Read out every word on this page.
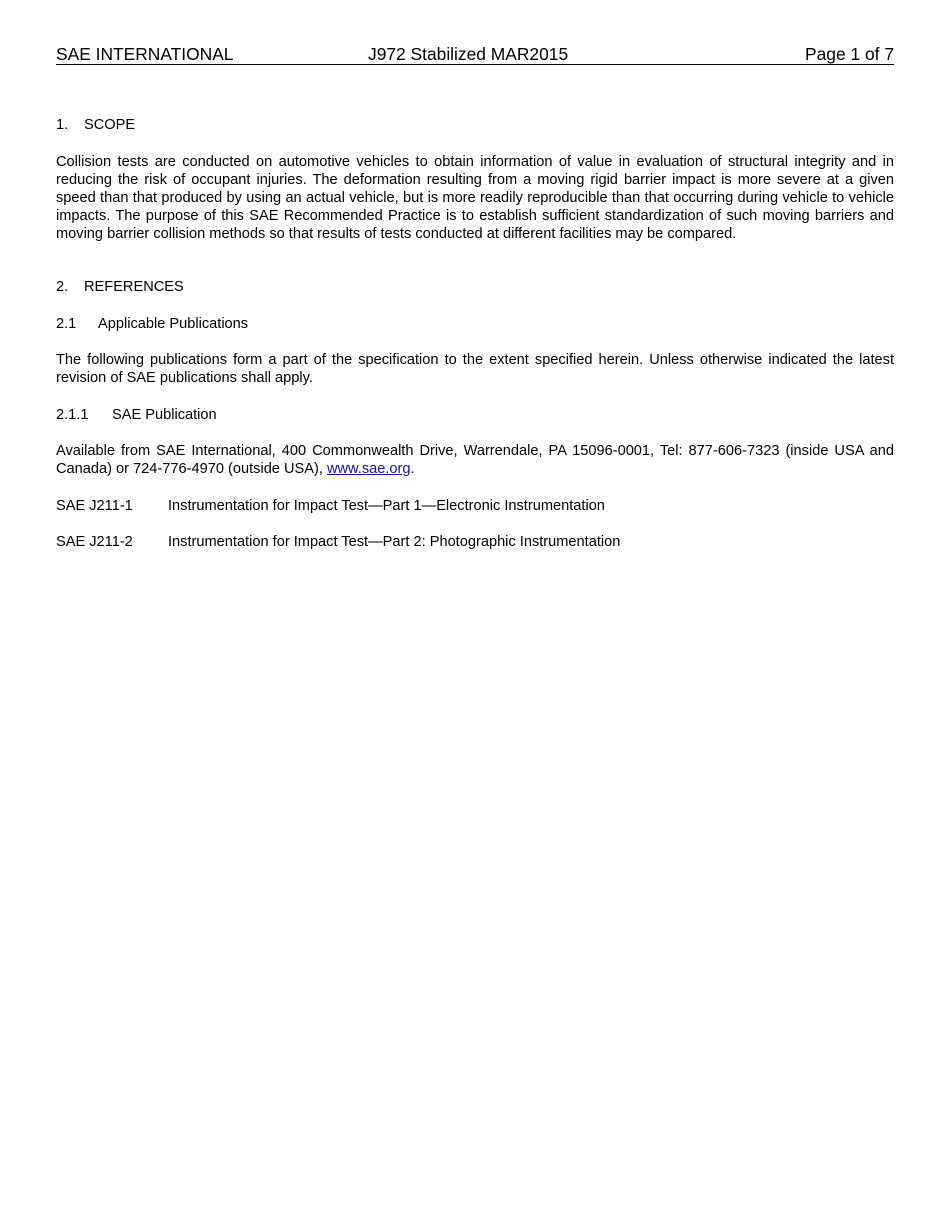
SAE INTERNATIONAL	J972 Stabilized MAR2015	Page 1 of 7
1. SCOPE
Collision tests are conducted on automotive vehicles to obtain information of value in evaluation of structural integrity and in reducing the risk of occupant injuries. The deformation resulting from a moving rigid barrier impact is more severe at a given speed than that produced by using an actual vehicle, but is more readily reproducible than that occurring during vehicle to vehicle impacts. The purpose of this SAE Recommended Practice is to establish sufficient standardization of such moving barriers and moving barrier collision methods so that results of tests conducted at different facilities may be compared.
2. REFERENCES
2.1 Applicable Publications
The following publications form a part of the specification to the extent specified herein. Unless otherwise indicated the latest revision of SAE publications shall apply.
2.1.1 SAE Publication
Available from SAE International, 400 Commonwealth Drive, Warrendale, PA 15096-0001, Tel: 877-606-7323 (inside USA and Canada) or 724-776-4970 (outside USA), www.sae.org.
SAE J211-1 Instrumentation for Impact Test—Part 1—Electronic Instrumentation
SAE J211-2 Instrumentation for Impact Test—Part 2: Photographic Instrumentation
